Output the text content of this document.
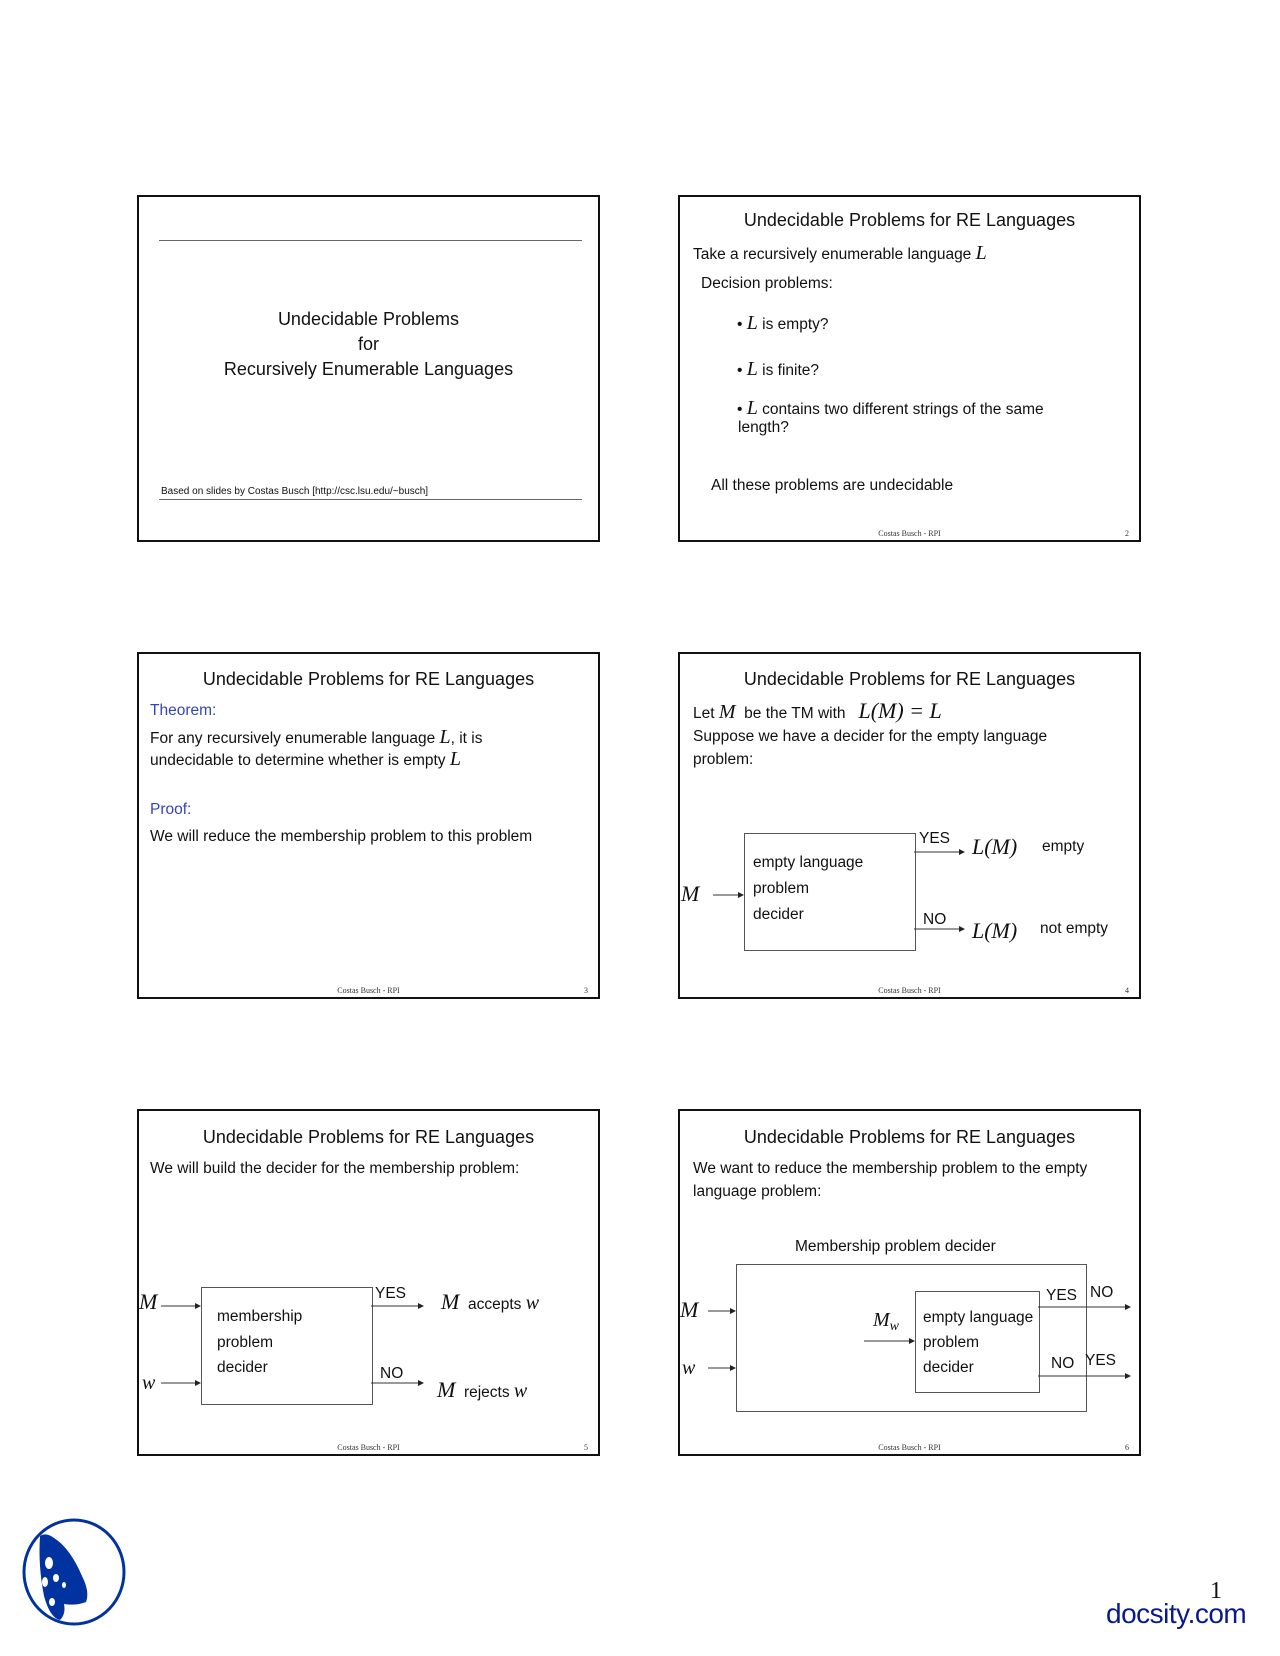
Undecidable Problems
for
Recursively Enumerable Languages
Based on slides by Costas Busch [http://csc.lsu.edu/~busch]
Undecidable Problems for RE Languages
Take a recursively enumerable language L
Decision problems:
• L is empty?
• L is finite?
• L contains two different strings of the same
length?
All these problems are undecidable
Costas Busch - RPI	2
Undecidable Problems for RE Languages
Theorem:
For any recursively enumerable language L, it is
undecidable to determine whether is empty L
Proof:
We will reduce the membership problem to this problem
Costas Busch - RPI	3
Undecidable Problems for RE Languages
Let M be the TM with L(M) = L
Suppose we have a decider for the empty language
problem:
empty language
problem
decider
M
YES L(M) empty
NO L(M) not empty
Costas Busch - RPI	4
Undecidable Problems for RE Languages
We will build the decider for the membership problem:
membership
problem
decider
M
w
YES M accepts w
NO
M rejects w
Costas Busch - RPI	5
Undecidable Problems for RE Languages
We want to reduce the membership problem to the empty
language problem:
Membership problem decider
empty language
problem
decider
M
w
$M_w$
YES NO
NO YES
Costas Busch - RPI	6
1
docsity.com
